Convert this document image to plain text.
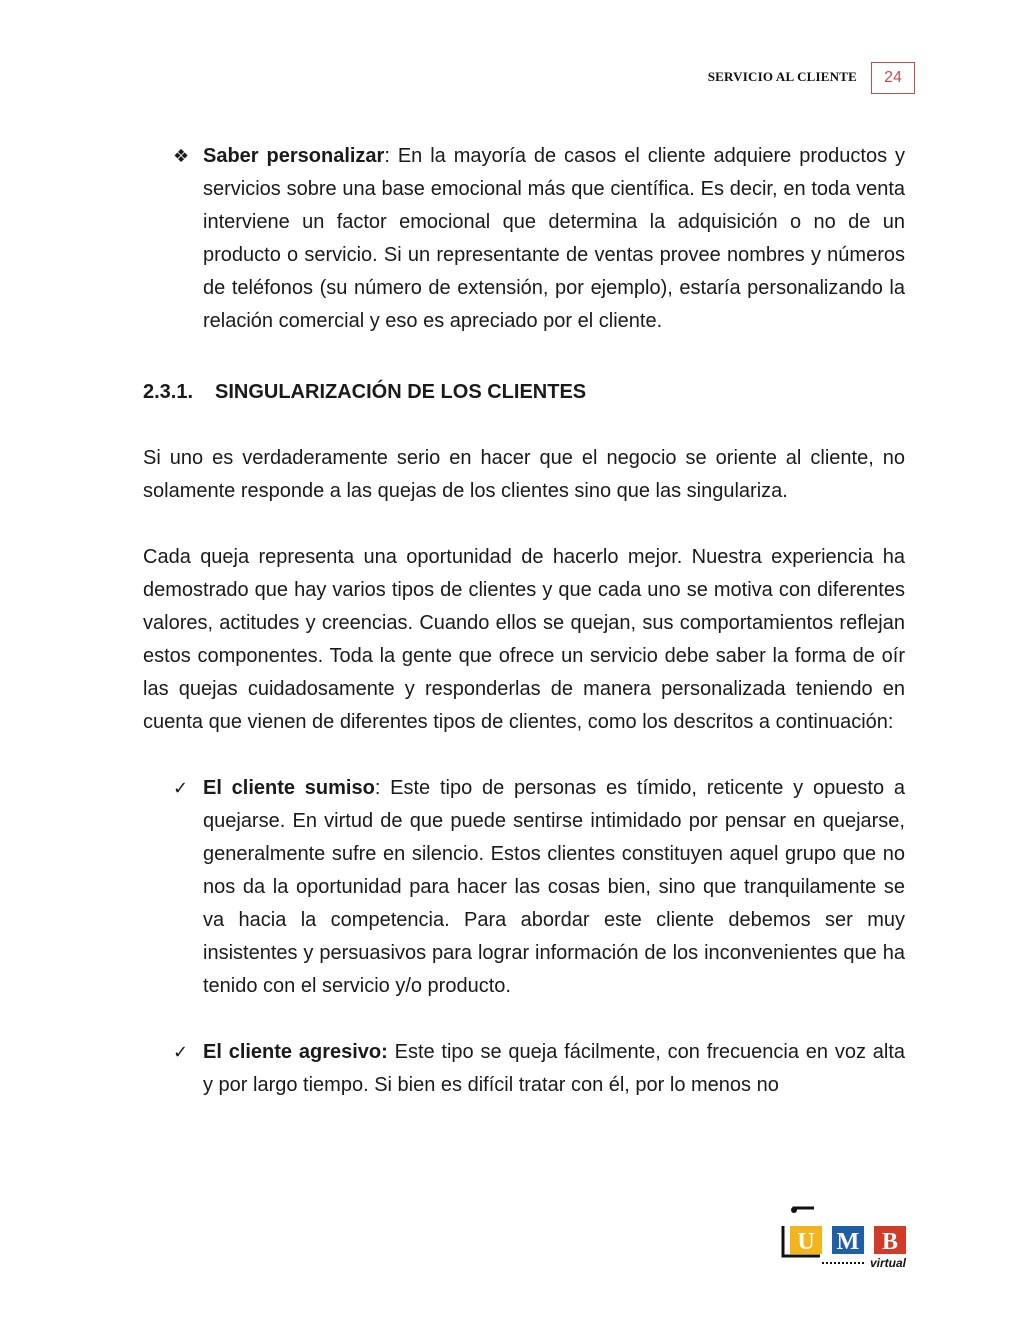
SERVICIO AL CLIENTE	24

❖ Saber personalizar: En la mayoría de casos el cliente adquiere productos y servicios sobre una base emocional más que científica. Es decir, en toda venta interviene un factor emocional que determina la adquisición o no de un producto o servicio. Si un representante de ventas provee nombres y números de teléfonos (su número de extensión, por ejemplo), estaría personalizando la relación comercial y eso es apreciado por el cliente.

2.3.1. SINGULARIZACIÓN DE LOS CLIENTES

Si uno es verdaderamente serio en hacer que el negocio se oriente al cliente, no solamente responde a las quejas de los clientes sino que las singulariza.

Cada queja representa una oportunidad de hacerlo mejor. Nuestra experiencia ha demostrado que hay varios tipos de clientes y que cada uno se motiva con diferentes valores, actitudes y creencias. Cuando ellos se quejan, sus comportamientos reflejan estos componentes. Toda la gente que ofrece un servicio debe saber la forma de oír las quejas cuidadosamente y responderlas de manera personalizada teniendo en cuenta que vienen de diferentes tipos de clientes, como los descritos a continuación:

✓ El cliente sumiso: Este tipo de personas es tímido, reticente y opuesto a quejarse. En virtud de que puede sentirse intimidado por pensar en quejarse, generalmente sufre en silencio. Estos clientes constituyen aquel grupo que no nos da la oportunidad para hacer las cosas bien, sino que tranquilamente se va hacia la competencia. Para abordar este cliente debemos ser muy insistentes y persuasivos para lograr información de los inconvenientes que ha tenido con el servicio y/o producto.

✓ El cliente agresivo: Este tipo se queja fácilmente, con frecuencia en voz alta y por largo tiempo. Si bien es difícil tratar con él, por lo menos no

U M B
virtual
